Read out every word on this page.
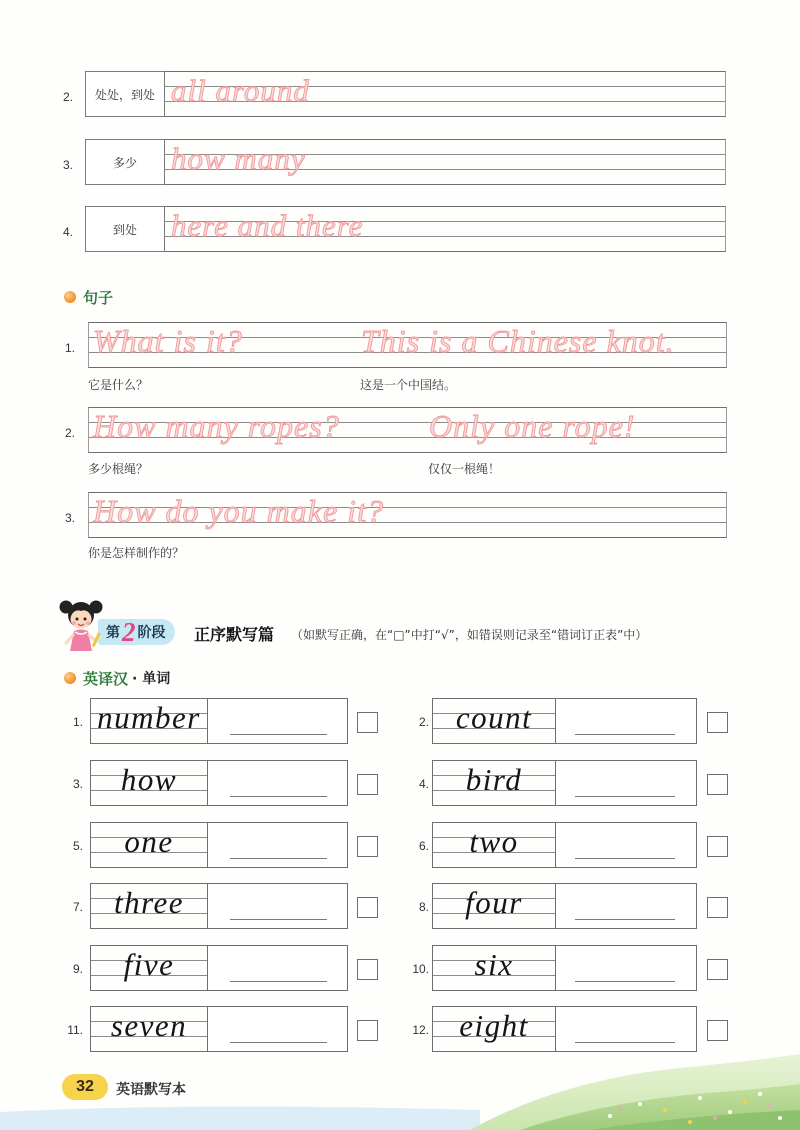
2. 处处，到处 all around
3.	多少 how many
4.	到处 here and there
句子
1. What is it?	This is a Chinese knot.
它是什么？	这是一个中国结。
2. How many ropes?	Only one rope!
多少根绳？	仅仅一根绳！
3. How do you make it?
你是怎样制作的？
第 2 阶段 正序默写篇 （如默写正确，在“□”中打“√”，如错误则记录至“错词订正表”中）
英译汉 · 单词
1. number	2. count
3.	how	4.	bird
5.	one	6.	two
7. three	8.	four
9.	five	10.	six
11. seven	12. eight
32 英语默写本
